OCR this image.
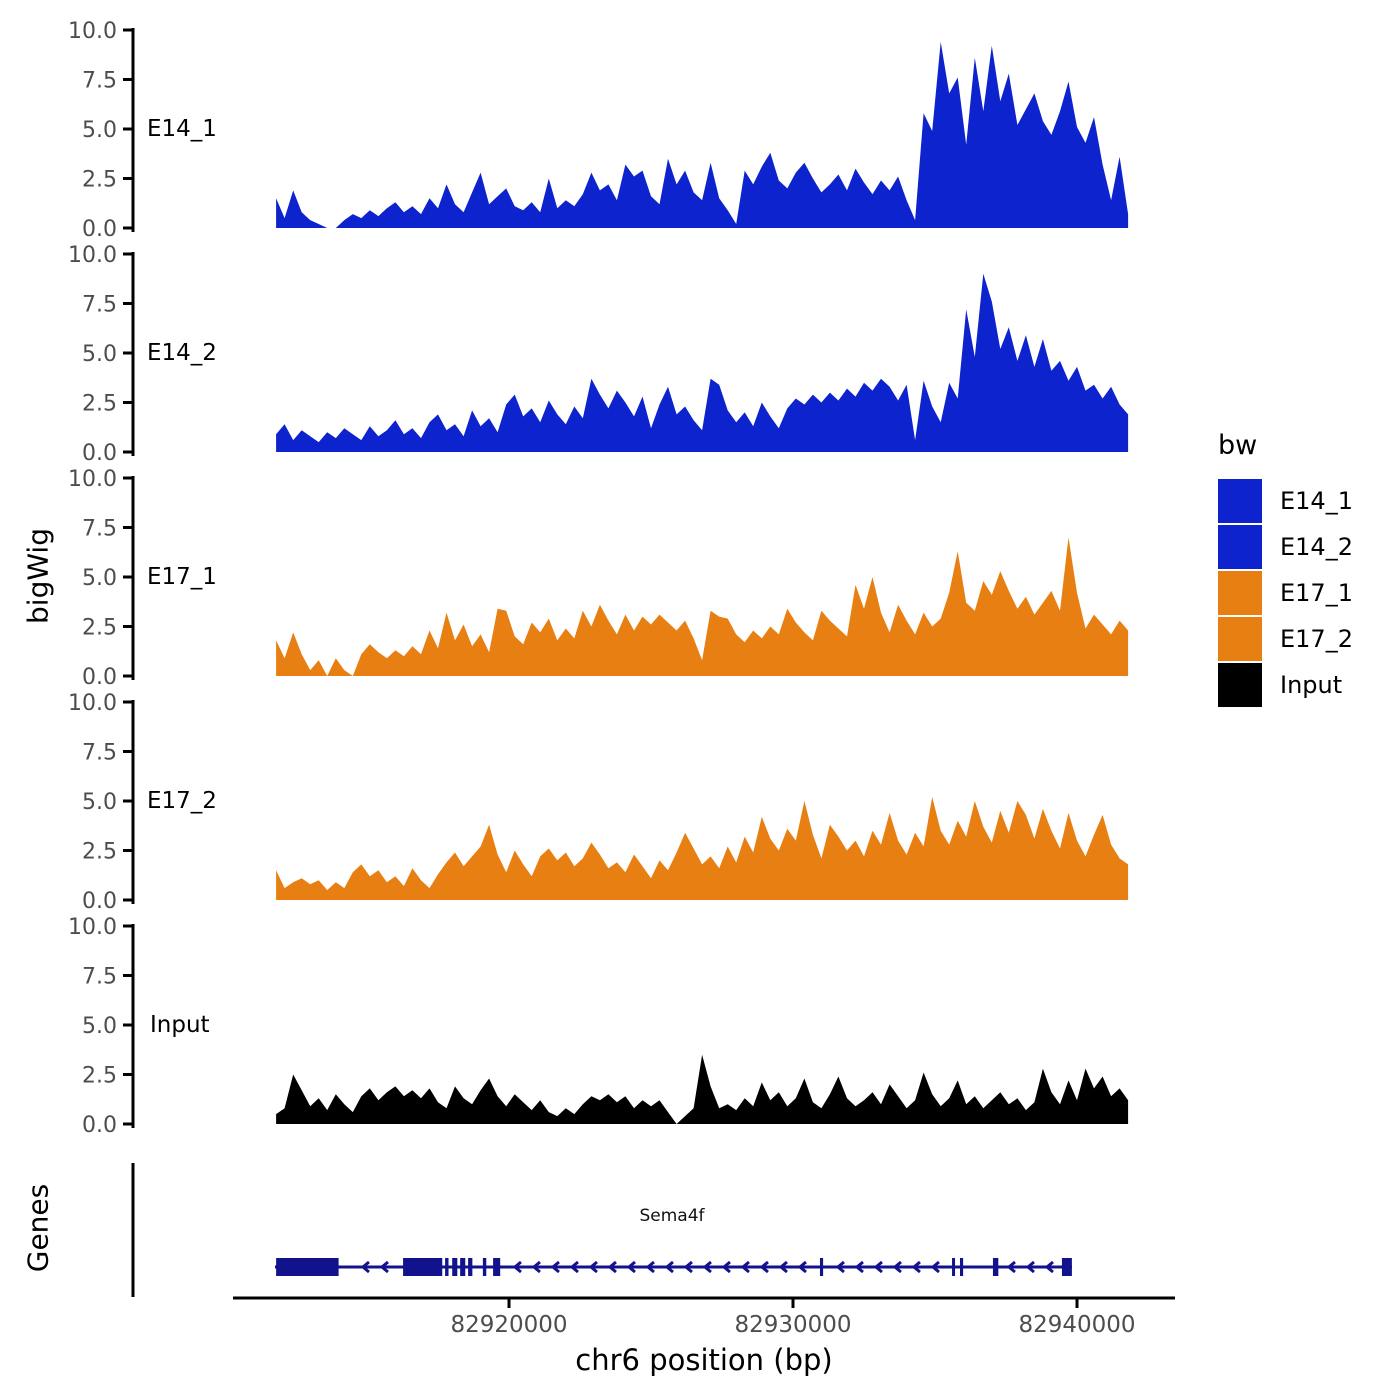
0.0
2.5
5.0
7.5
10.0
0.0
2.5
5.0
7.5
10.0
0.0
2.5
5.0
7.5
10.0
0.0
2.5
5.0
7.5
10.0
0.0
2.5
5.0
7.5
10.0
bigWig
Genes
E14_1
E14_2
E17_1
E17_2
Input
Sema4f
82920000	82930000	82940000
chr6 position (bp)
bw
E14_1
E14_2
E17_1
E17_2
Input
